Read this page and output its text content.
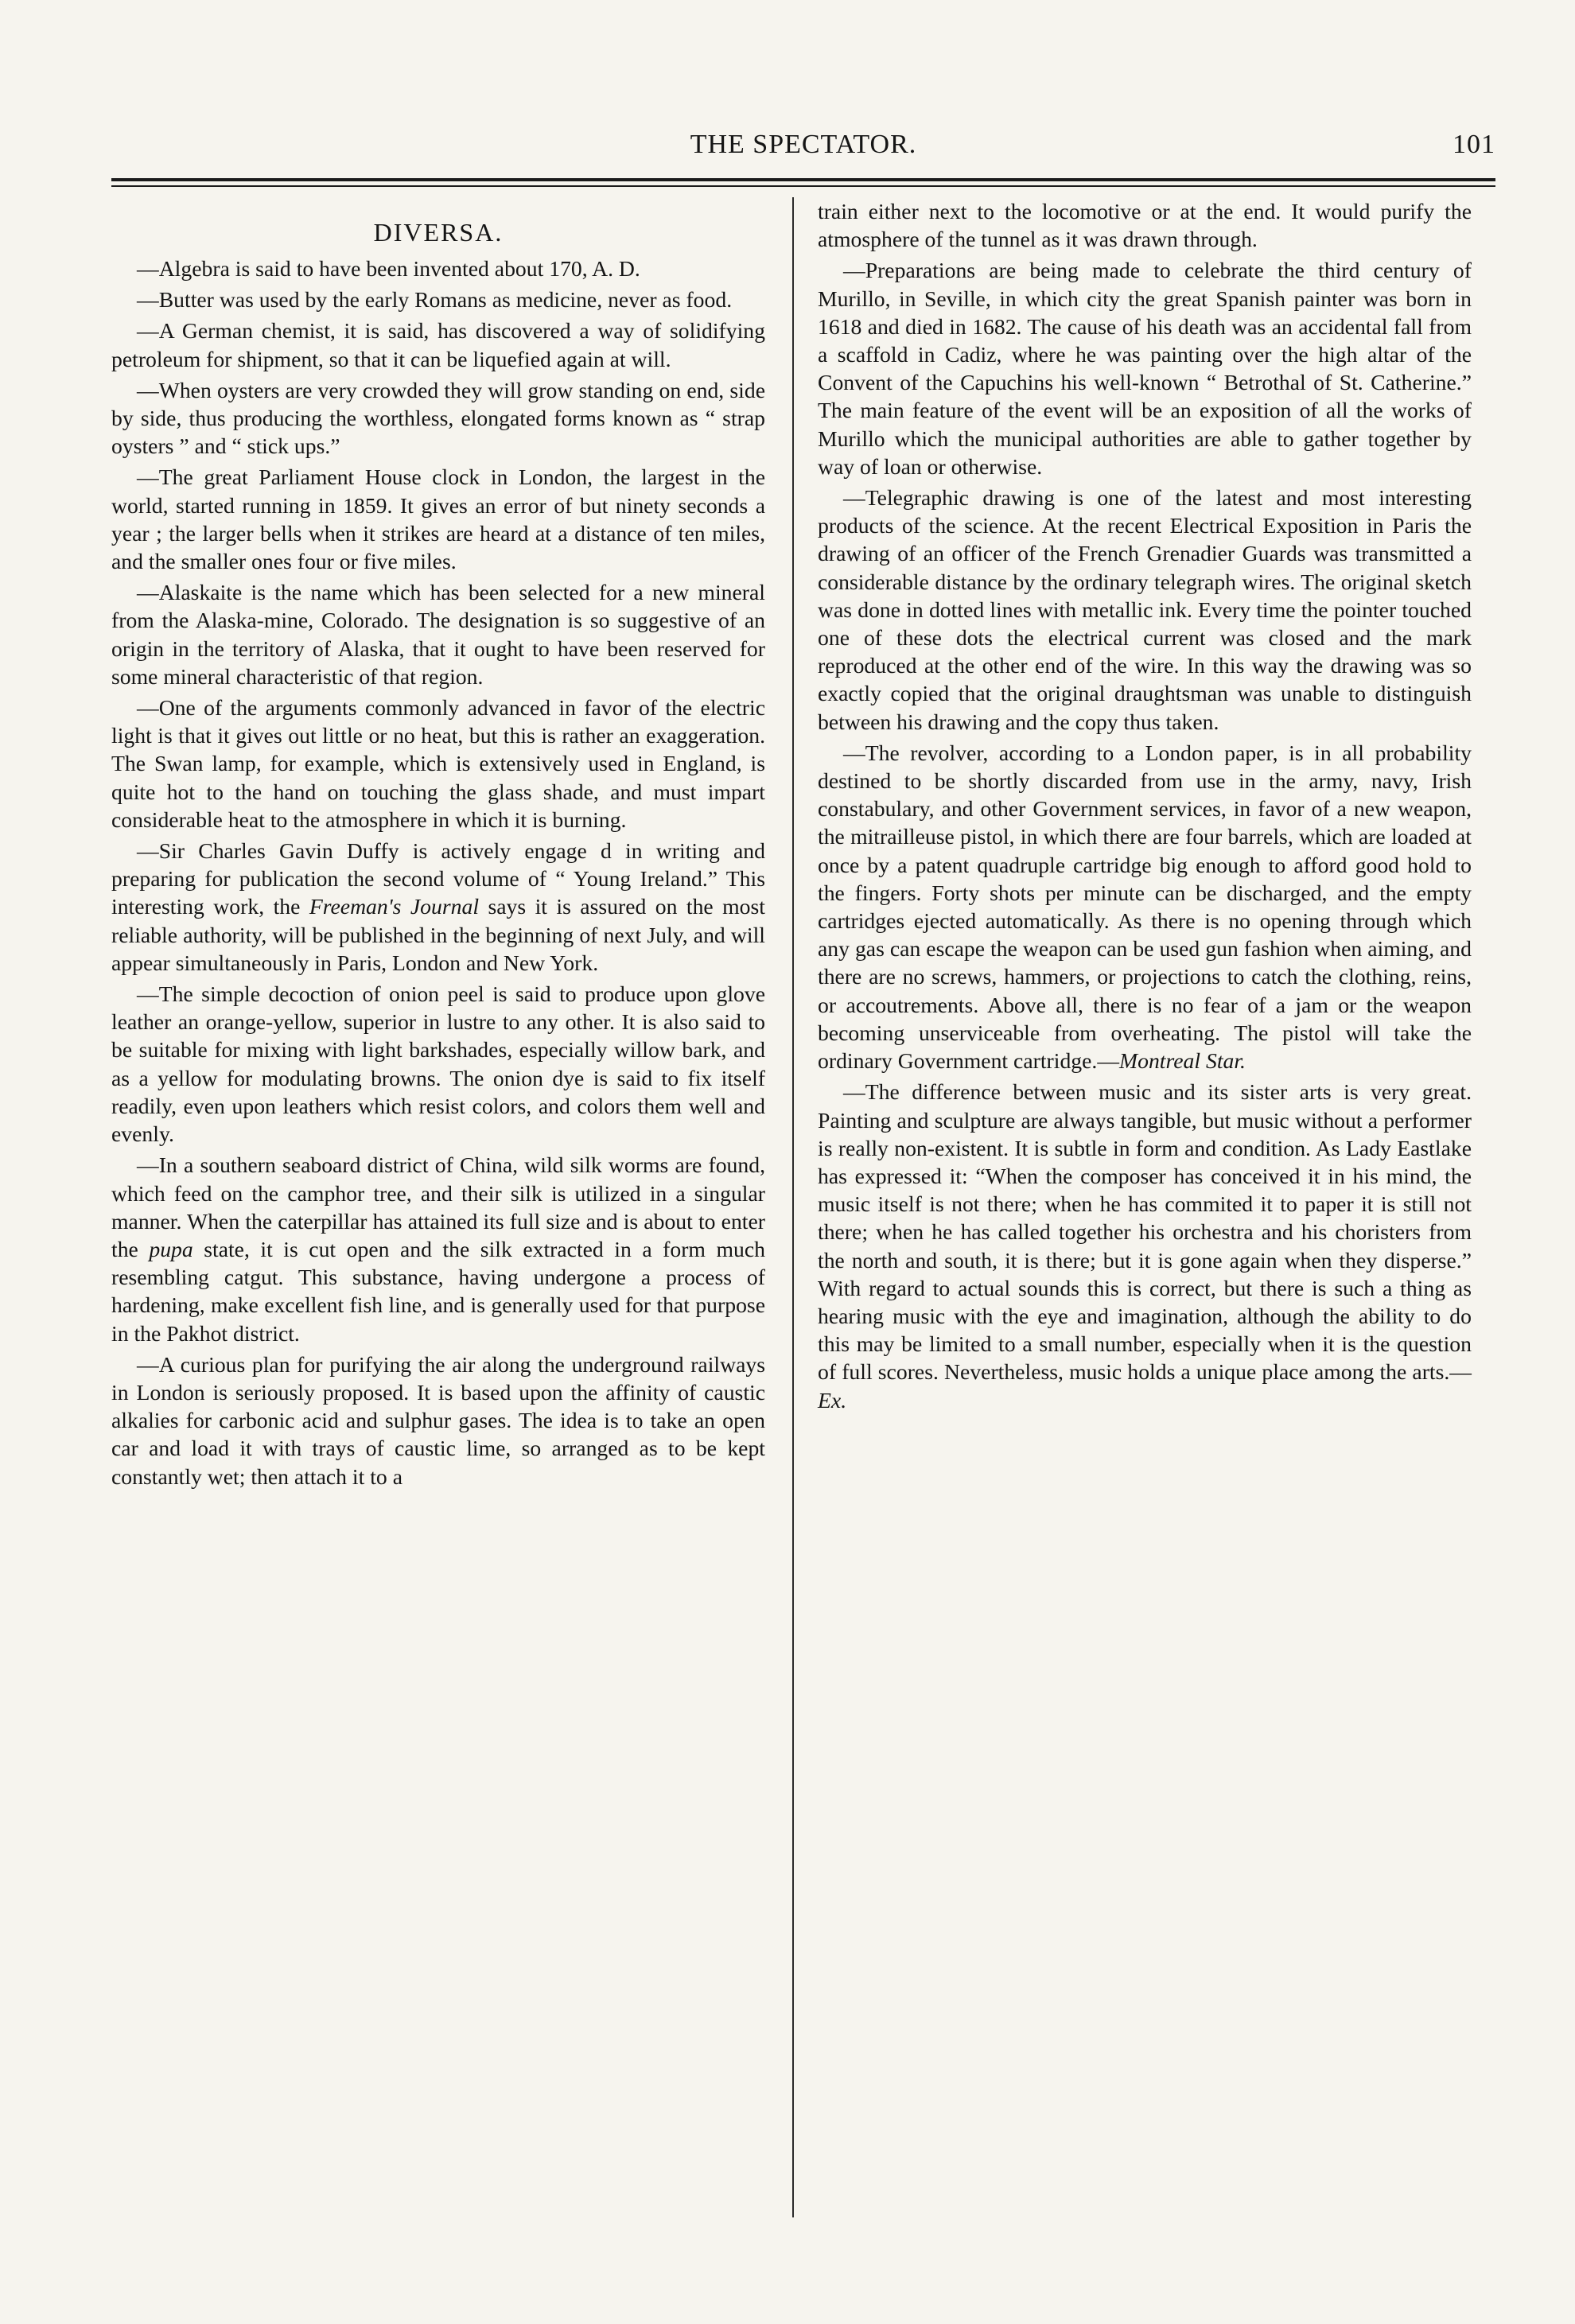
THE SPECTATOR.	101
DIVERSA.

—Algebra is said to have been invented about 170, A. D.

—Butter was used by the early Romans as medicine, never as food.

—A German chemist, it is said, has discovered a way of solidifying petroleum for shipment, so that it can be liquefied again at will.

—When oysters are very crowded they will grow standing on end, side by side, thus producing the worthless, elongated forms known as “ strap oysters ” and “ stick ups.”

—The great Parliament House clock in London, the largest in the world, started running in 1859. It gives an error of but ninety seconds a year ; the larger bells when it strikes are heard at a distance of ten miles, and the smaller ones four or five miles.

—Alaskaite is the name which has been selected for a new mineral from the Alaska-mine, Colorado. The designation is so suggestive of an origin in the territory of Alaska, that it ought to have been reserved for some mineral characteristic of that region.

—One of the arguments commonly advanced in favor of the electric light is that it gives out little or no heat, but this is rather an exaggeration. The Swan lamp, for example, which is extensively used in England, is quite hot to the hand on touching the glass shade, and must impart considerable heat to the atmosphere in which it is burning.

—Sir Charles Gavin Duffy is actively engage d in writing and preparing for publication the second volume of “ Young Ireland.” This interesting work, the Freeman's Journal says it is assured on the most reliable authority, will be published in the beginning of next July, and will appear simultaneously in Paris, London and New York.

—The simple decoction of onion peel is said to produce upon glove leather an orange-yellow, superior in lustre to any other. It is also said to be suitable for mixing with light barkshades, especially willow bark, and as a yellow for modulating browns. The onion dye is said to fix itself readily, even upon leathers which resist colors, and colors them well and evenly.

—In a southern seaboard district of China, wild silk worms are found, which feed on the camphor tree, and their silk is utilized in a singular manner. When the caterpillar has attained its full size and is about to enter the pupa state, it is cut open and the silk extracted in a form much resembling catgut. This substance, having undergone a process of hardening, make excellent fish line, and is generally used for that purpose in the Pakhot district.

—A curious plan for purifying the air along the underground railways in London is seriously proposed. It is based upon the affinity of caustic alkalies for carbonic acid and sulphur gases. The idea is to take an open car and load it with trays of caustic lime, so arranged as to be kept constantly wet; then attach it to a

train either next to the locomotive or at the end. It would purify the atmosphere of the tunnel as it was drawn through.

—Preparations are being made to celebrate the third century of Murillo, in Seville, in which city the great Spanish painter was born in 1618 and died in 1682. The cause of his death was an accidental fall from a scaffold in Cadiz, where he was painting over the high altar of the Convent of the Capuchins his well-known “ Betrothal of St. Catherine.” The main feature of the event will be an exposition of all the works of Murillo which the municipal authorities are able to gather together by way of loan or otherwise.

—Telegraphic drawing is one of the latest and most interesting products of the science. At the recent Electrical Exposition in Paris the drawing of an officer of the French Grenadier Guards was transmitted a considerable distance by the ordinary telegraph wires. The original sketch was done in dotted lines with metallic ink. Every time the pointer touched one of these dots the electrical current was closed and the mark reproduced at the other end of the wire. In this way the drawing was so exactly copied that the original draughtsman was unable to distinguish between his drawing and the copy thus taken.

—The revolver, according to a London paper, is in all probability destined to be shortly discarded from use in the army, navy, Irish constabulary, and other Government services, in favor of a new weapon, the mitrailleuse pistol, in which there are four barrels, which are loaded at once by a patent quadruple cartridge big enough to afford good hold to the fingers. Forty shots per minute can be discharged, and the empty cartridges ejected automatically. As there is no opening through which any gas can escape the weapon can be used gun fashion when aiming, and there are no screws, hammers, or projections to catch the clothing, reins, or accoutrements. Above all, there is no fear of a jam or the weapon becoming unserviceable from overheating. The pistol will take the ordinary Government cartridge.—Montreal Star.

—The difference between music and its sister arts is very great. Painting and sculpture are always tangible, but music without a performer is really non-existent. It is subtle in form and condition. As Lady Eastlake has expressed it: “When the composer has conceived it in his mind, the music itself is not there; when he has commited it to paper it is still not there; when he has called together his orchestra and his choristers from the north and south, it is there; but it is gone again when they disperse.” With regard to actual sounds this is correct, but there is such a thing as hearing music with the eye and imagination, although the ability to do this may be limited to a small number, especially when it is the question of full scores. Nevertheless, music holds a unique place among the arts.—Ex.
